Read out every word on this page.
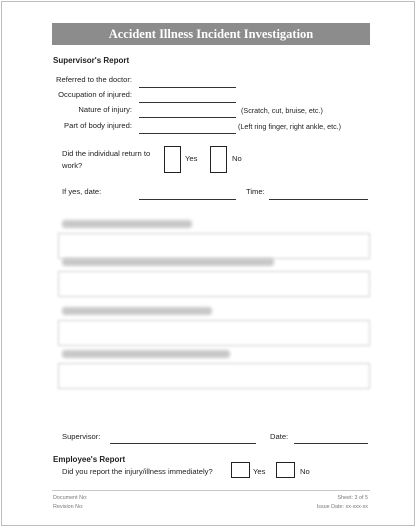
Accident Illness Incident Investigation
Supervisor's Report
Referred to the doctor:
Occupation of injured:
Nature of injury:	(Scratch, cut, bruise, etc.)
Part of body injured:	(Left ring finger, right ankle, etc.)
Did the individual return to
work?
Yes	No
If yes, date:	Time:
Supervisor:	Date:
Employee's Report
Did you report the injury/illness immediately?	Yes	No
Document No:
Revision No:
Sheet: 3 of 5
Issue Date: xx-xxx-xx
